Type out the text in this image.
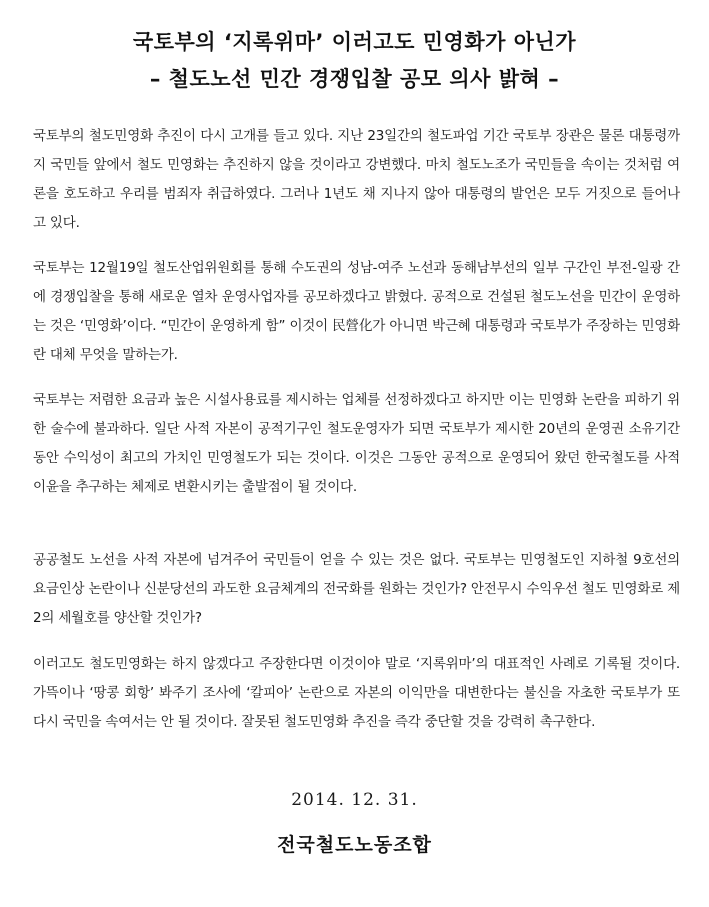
국토부의 ‘지록위마’ 이러고도 민영화가 아닌가
– 철도노선 민간 경쟁입찰 공모 의사 밝혀 –

국토부의 철도민영화 추진이 다시 고개를 들고 있다. 지난 23일간의 철도파업 기간 국토부 장관은 물론 대통령까지 국민들 앞에서 철도 민영화는 추진하지 않을 것이라고 강변했다. 마치 철도노조가 국민들을 속이는 것처럼 여론을 호도하고 우리를 범죄자 취급하였다. 그러나 1년도 채 지나지 않아 대통령의 발언은 모두 거짓으로 들어나고 있다.

국토부는 12월19일 철도산업위원회를 통해 수도권의 성남-여주 노선과 동해남부선의 일부 구간인 부전-일광 간에 경쟁입찰을 통해 새로운 열차 운영사업자를 공모하겠다고 밝혔다. 공적으로 건설된 철도노선을 민간이 운영하는 것은 ‘민영화’이다. “민간이 운영하게 함” 이것이 民營化가 아니면 박근혜 대통령과 국토부가 주장하는 민영화란 대체 무엇을 말하는가.

국토부는 저렴한 요금과 높은 시설사용료를 제시하는 업체를 선정하겠다고 하지만 이는 민영화 논란을 피하기 위한 술수에 불과하다. 일단 사적 자본이 공적기구인 철도운영자가 되면 국토부가 제시한 20년의 운영권 소유기간 동안 수익성이 최고의 가치인 민영철도가 되는 것이다. 이것은 그동안 공적으로 운영되어 왔던 한국철도를 사적 이윤을 추구하는 체제로 변환시키는 출발점이 될 것이다.

공공철도 노선을 사적 자본에 넘겨주어 국민들이 얻을 수 있는 것은 없다. 국토부는 민영철도인 지하철 9호선의 요금인상 논란이나 신분당선의 과도한 요금체계의 전국화를 원화는 것인가? 안전무시 수익우선 철도 민영화로 제2의 세월호를 양산할 것인가?

이러고도 철도민영화는 하지 않겠다고 주장한다면 이것이야 말로 ‘지록위마’의 대표적인 사례로 기록될 것이다. 가뜩이나 ‘땅콩 회항’ 봐주기 조사에 ‘칼피아’ 논란으로 자본의 이익만을 대변한다는 불신을 자초한 국토부가 또 다시 국민을 속여서는 안 될 것이다. 잘못된 철도민영화 추진을 즉각 중단할 것을 강력히 촉구한다.

2014. 12. 31.
전국철도노동조합
